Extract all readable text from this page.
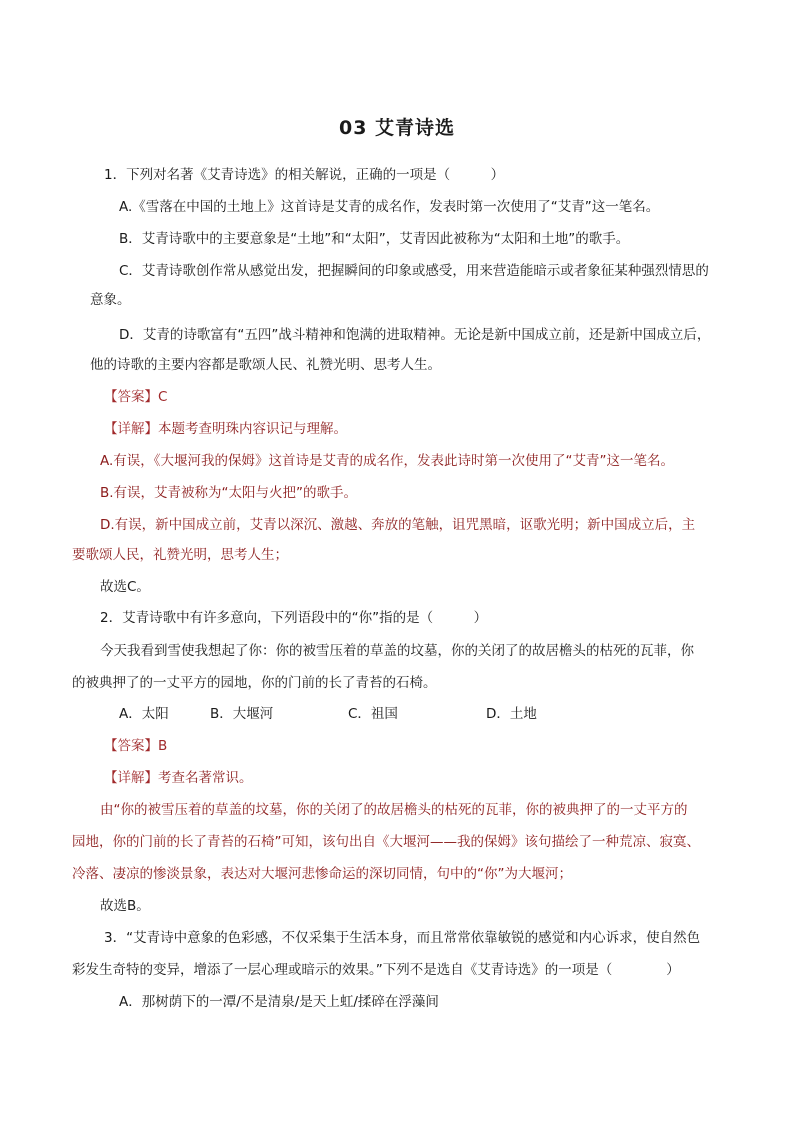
03 艾青诗选
1．下列对名著《艾青诗选》的相关解说，正确的一项是（　　　）
A.《雪落在中国的土地上》这首诗是艾青的成名作，发表时第一次使用了“艾青”这一笔名。
B．艾青诗歌中的主要意象是“土地”和“太阳”，艾青因此被称为“太阳和土地”的歌手。
C．艾青诗歌创作常从感觉出发，把握瞬间的印象或感受，用来营造能暗示或者象征某种强烈情思的
意象。
D．艾青的诗歌富有“五四”战斗精神和饱满的进取精神。无论是新中国成立前，还是新中国成立后，
他的诗歌的主要内容都是歌颂人民、礼赞光明、思考人生。
【答案】C
【详解】本题考查明珠内容识记与理解。
A.有误，《大堰河我的保姆》这首诗是艾青的成名作，发表此诗时第一次使用了“艾青”这一笔名。
B.有误，艾青被称为“太阳与火把”的歌手。
D.有误，新中国成立前，艾青以深沉、激越、奔放的笔触，诅咒黑暗，讴歌光明；新中国成立后，主
要歌颂人民，礼赞光明，思考人生；
故选C。
2．艾青诗歌中有许多意向，下列语段中的“你”指的是（　　　）
今天我看到雪使我想起了你：你的被雪压着的草盖的坟墓，你的关闭了的故居檐头的枯死的瓦菲，你
的被典押了的一丈平方的园地，你的门前的长了青苔的石椅。
A．太阳	B．大堰河	C．祖国	D．土地
【答案】B
【详解】考查名著常识。
由“你的被雪压着的草盖的坟墓，你的关闭了的故居檐头的枯死的瓦菲，你的被典押了的一丈平方的
园地，你的门前的长了青苔的石椅”可知，该句出自《大堰河——我的保姆》该句描绘了一种荒凉、寂寞、
冷落、凄凉的惨淡景象，表达对大堰河悲惨命运的深切同情，句中的“你”为大堰河；
故选B。
3．“艾青诗中意象的色彩感，不仅采集于生活本身，而且常常依靠敏锐的感觉和内心诉求，使自然色
彩发生奇特的变异，增添了一层心理或暗示的效果。”下列不是选自《艾青诗选》的一项是（　　　　）
A．那树荫下的一潭/不是清泉/是天上虹/揉碎在浮藻间
